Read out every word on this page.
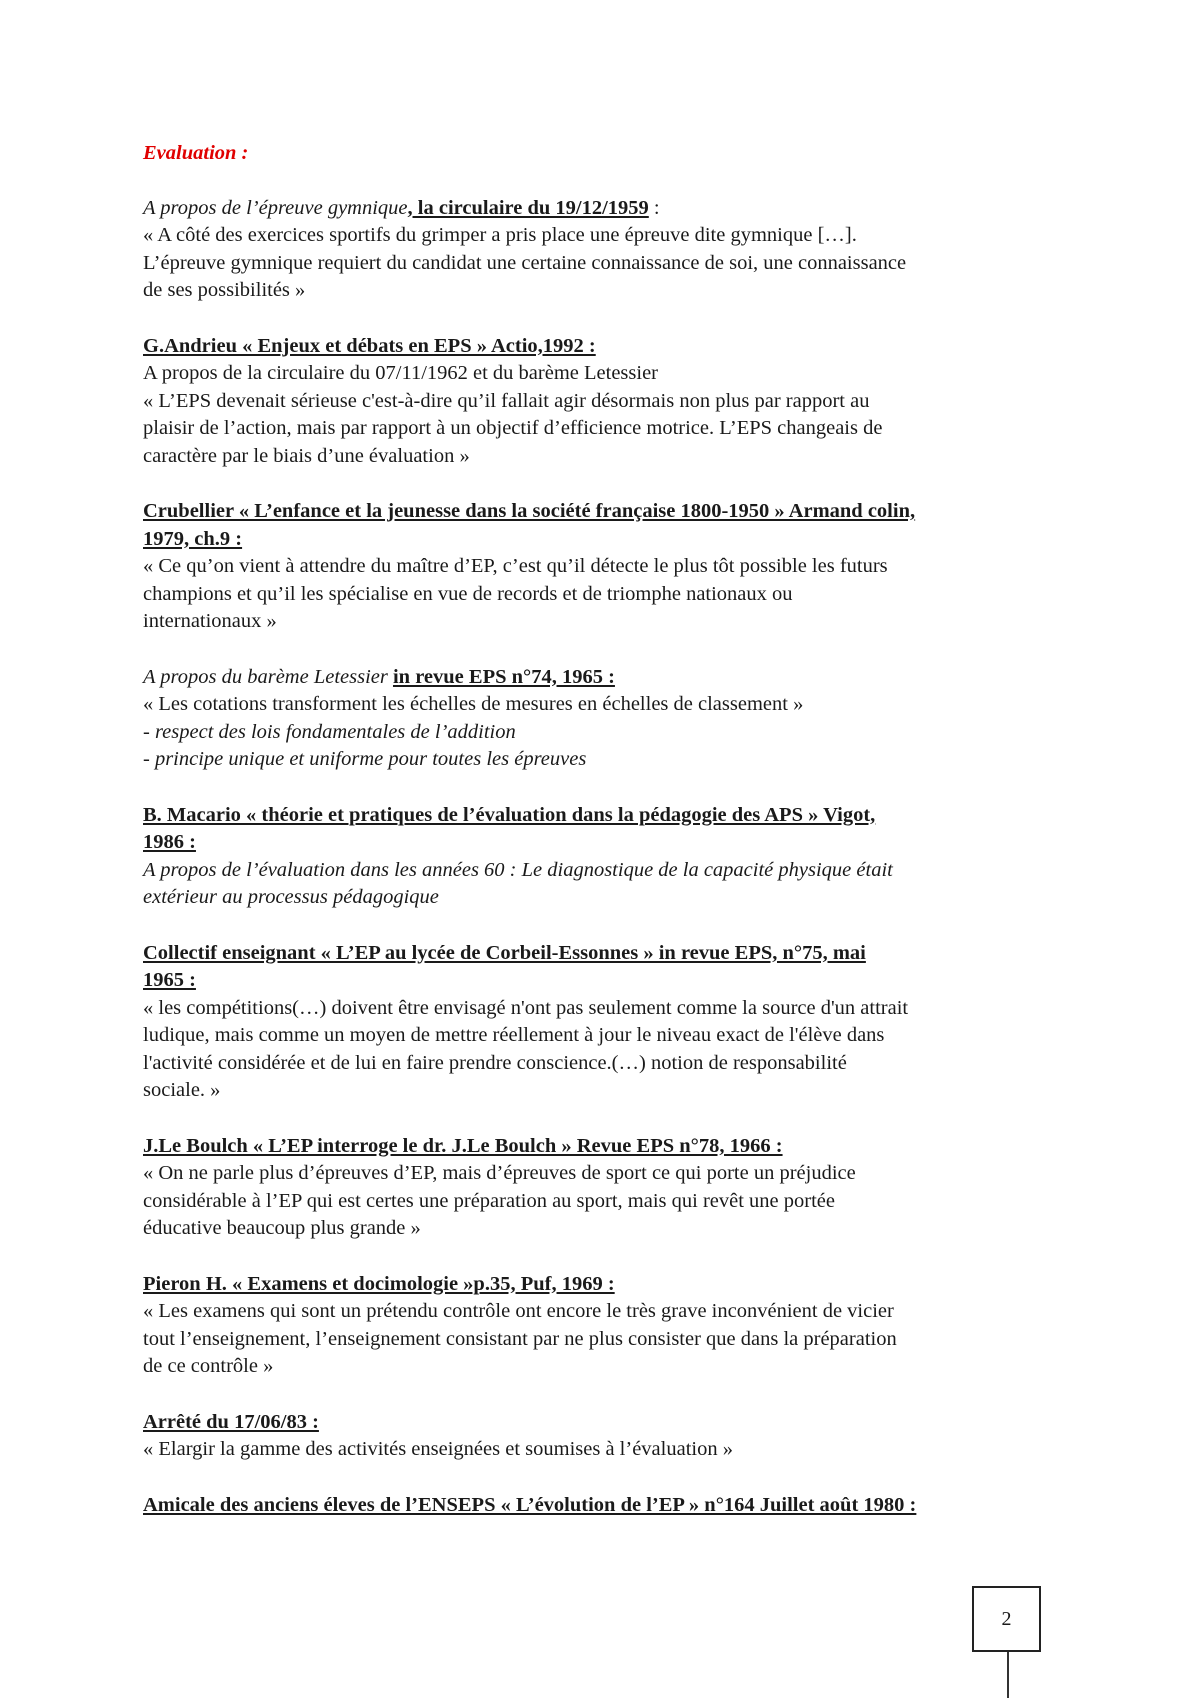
Evaluation :

A propos de l’épreuve gymnique, la circulaire du 19/12/1959 :
« A côté des exercices sportifs du grimper a pris place une épreuve dite gymnique […].
L’épreuve gymnique requiert du candidat une certaine connaissance de soi, une connaissance
de ses possibilités »
G.Andrieu « Enjeux et débats en EPS » Actio,1992 :
A propos de la circulaire du 07/11/1962 et du barème Letessier
« L’EPS devenait sérieuse c'est-à-dire qu’il fallait agir désormais non plus par rapport au
plaisir de l’action, mais par rapport à un objectif d’efficience motrice. L’EPS changeais de
caractère par le biais d’une évaluation »
Crubellier « L’enfance et la jeunesse dans la société française 1800-1950 » Armand colin,
1979, ch.9 :
« Ce qu’on vient à attendre du maître d’EP, c’est qu’il détecte le plus tôt possible les futurs
champions et qu’il les spécialise en vue de records et de triomphe nationaux ou
internationaux »
A propos du barème Letessier in revue EPS n°74, 1965 :
« Les cotations transforment les échelles de mesures en échelles de classement »
- respect des lois fondamentales de l’addition
- principe unique et uniforme pour toutes les épreuves
B. Macario « théorie et pratiques de l’évaluation dans la pédagogie des APS » Vigot,
1986 :
A propos de l’évaluation dans les années 60 : Le diagnostique de la capacité physique était
extérieur au processus pédagogique
Collectif enseignant « L’EP au lycée de Corbeil-Essonnes » in revue EPS, n°75, mai
1965 :
« les compétitions(…) doivent être envisagé n'ont pas seulement comme la source d'un attrait
ludique, mais comme un moyen de mettre réellement à jour le niveau exact de l'élève dans
l'activité considérée et de lui en faire prendre conscience.(…) notion de responsabilité
sociale. »
J.Le Boulch « L’EP interroge le dr. J.Le Boulch » Revue EPS n°78, 1966 :
« On ne parle plus d’épreuves d’EP, mais d’épreuves de sport ce qui porte un préjudice
considérable à l’EP qui est certes une préparation au sport, mais qui revêt une portée
éducative beaucoup plus grande »
Pieron H. « Examens et docimologie »p.35, Puf, 1969 :
« Les examens qui sont un prétendu contrôle ont encore le très grave inconvénient de vicier
tout l’enseignement, l’enseignement consistant par ne plus consister que dans la préparation
de ce contrôle »
Arrêté du 17/06/83 :
« Elargir la gamme des activités enseignées et soumises à l’évaluation »
Amicale des anciens éleves de l’ENSEPS « L’évolution de l’EP » n°164 Juillet août 1980 :
2
